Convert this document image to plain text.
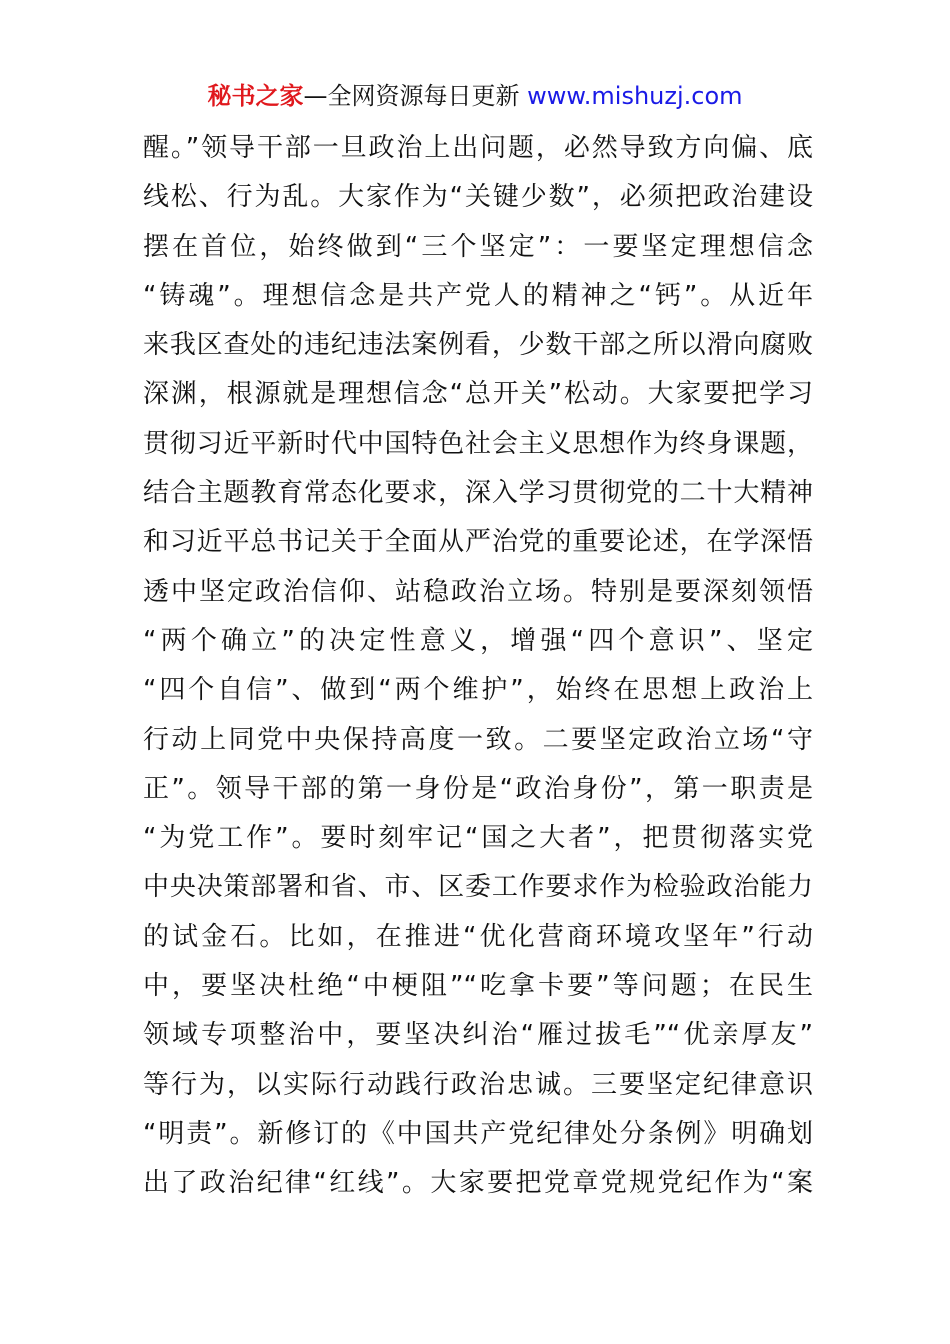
秘书之家—全网资源每日更新 www.mishuzj.com
醒。”领导干部一旦政治上出问题，必然导致方向偏、底
线松、行为乱。大家作为“关键少数”，必须把政治建设
摆在首位，始终做到“三个坚定”：一要坚定理想信念
“铸魂”。理想信念是共产党人的精神之“钙”。从近年
来我区查处的违纪违法案例看，少数干部之所以滑向腐败
深渊，根源就是理想信念“总开关”松动。大家要把学习
贯彻习近平新时代中国特色社会主义思想作为终身课题，
结合主题教育常态化要求，深入学习贯彻党的二十大精神
和习近平总书记关于全面从严治党的重要论述，在学深悟
透中坚定政治信仰、站稳政治立场。特别是要深刻领悟
“两个确立”的决定性意义，增强“四个意识”、坚定
“四个自信”、做到“两个维护”，始终在思想上政治上
行动上同党中央保持高度一致。二要坚定政治立场“守
正”。领导干部的第一身份是“政治身份”，第一职责是
“为党工作”。要时刻牢记“国之大者”，把贯彻落实党
中央决策部署和省、市、区委工作要求作为检验政治能力
的试金石。比如，在推进“优化营商环境攻坚年”行动
中，要坚决杜绝“中梗阻”“吃拿卡要”等问题；在民生
领域专项整治中，要坚决纠治“雁过拔毛”“优亲厚友”
等行为，以实际行动践行政治忠诚。三要坚定纪律意识
“明责”。新修订的《中国共产党纪律处分条例》明确划
出了政治纪律“红线”。大家要把党章党规党纪作为“案
